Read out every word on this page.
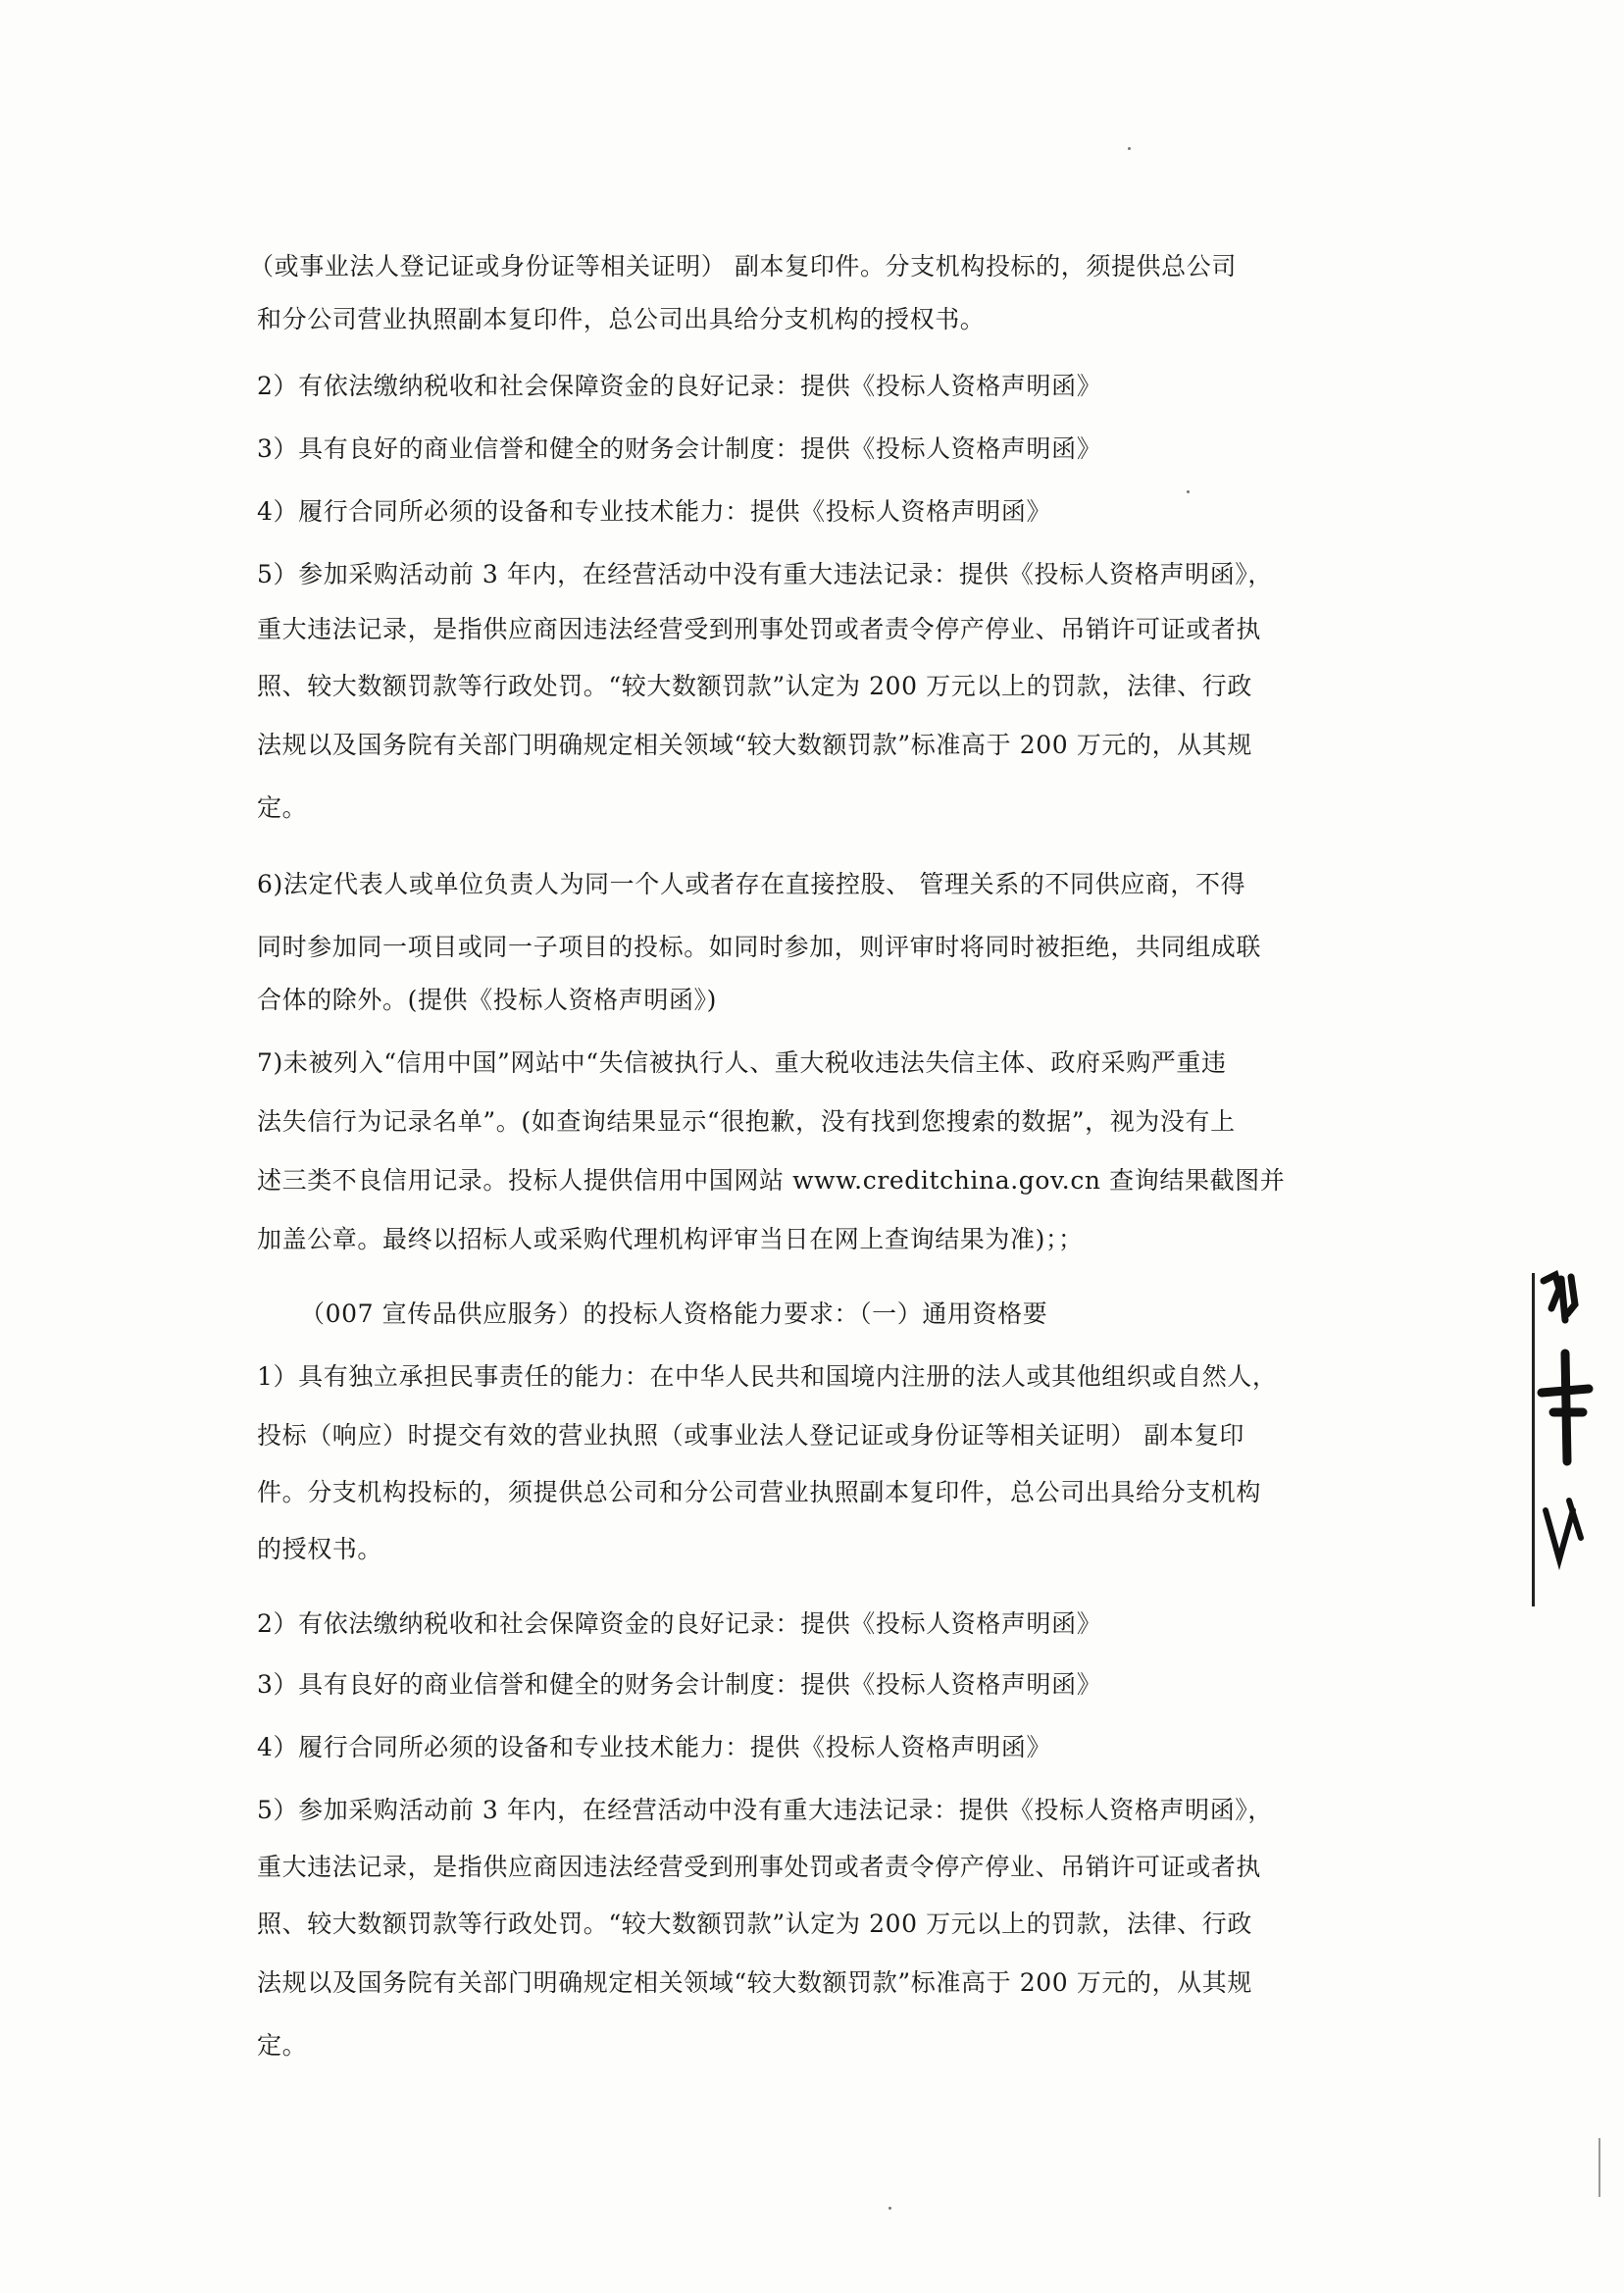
（或事业法人登记证或身份证等相关证明） 副本复印件。分支机构投标的，须提供总公司
和分公司营业执照副本复印件，总公司出具给分支机构的授权书。
2）有依法缴纳税收和社会保障资金的良好记录：提供《投标人资格声明函》
3）具有良好的商业信誉和健全的财务会计制度：提供《投标人资格声明函》
4）履行合同所必须的设备和专业技术能力：提供《投标人资格声明函》
5）参加采购活动前 3 年内，在经营活动中没有重大违法记录：提供《投标人资格声明函》，
重大违法记录，是指供应商因违法经营受到刑事处罚或者责令停产停业、吊销许可证或者执
照、较大数额罚款等行政处罚。“较大数额罚款”认定为 200 万元以上的罚款，法律、行政
法规以及国务院有关部门明确规定相关领域“较大数额罚款”标准高于 200 万元的，从其规
定。
6)法定代表人或单位负责人为同一个人或者存在直接控股、 管理关系的不同供应商，不得
同时参加同一项目或同一子项目的投标。如同时参加，则评审时将同时被拒绝，共同组成联
合体的除外。(提供《投标人资格声明函》)
7)未被列入“信用中国”网站中“失信被执行人、重大税收违法失信主体、政府采购严重违
法失信行为记录名单”。(如查询结果显示“很抱歉，没有找到您搜索的数据”，视为没有上
述三类不良信用记录。投标人提供信用中国网站 www.creditchina.gov.cn 查询结果截图并
加盖公章。最终以招标人或采购代理机构评审当日在网上查询结果为准)；；
（007 宣传品供应服务）的投标人资格能力要求：（一）通用资格要
1）具有独立承担民事责任的能力：在中华人民共和国境内注册的法人或其他组织或自然人，
投标（响应）时提交有效的营业执照（或事业法人登记证或身份证等相关证明） 副本复印
件。分支机构投标的，须提供总公司和分公司营业执照副本复印件，总公司出具给分支机构
的授权书。
2）有依法缴纳税收和社会保障资金的良好记录：提供《投标人资格声明函》
3）具有良好的商业信誉和健全的财务会计制度：提供《投标人资格声明函》
4）履行合同所必须的设备和专业技术能力：提供《投标人资格声明函》
5）参加采购活动前 3 年内，在经营活动中没有重大违法记录：提供《投标人资格声明函》，
重大违法记录，是指供应商因违法经营受到刑事处罚或者责令停产停业、吊销许可证或者执
照、较大数额罚款等行政处罚。“较大数额罚款”认定为 200 万元以上的罚款，法律、行政
法规以及国务院有关部门明确规定相关领域“较大数额罚款”标准高于 200 万元的，从其规
定。
